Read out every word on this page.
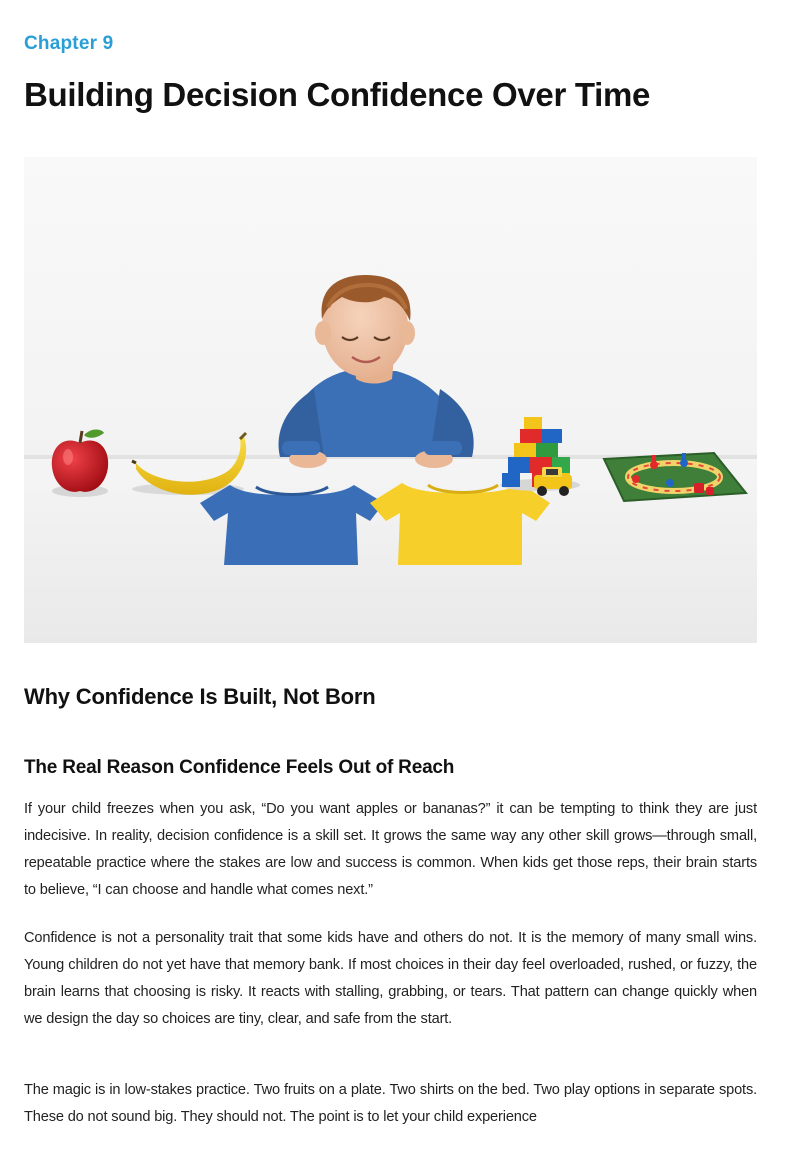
Chapter 9
Building Decision Confidence Over Time
Why Confidence Is Built, Not Born
The Real Reason Confidence Feels Out of Reach

If your child freezes when you ask, “Do you want apples or bananas?” it can be tempting to think they are just indecisive. In reality, decision confidence is a skill set. It grows the same way any other skill grows—through small, repeatable practice where the stakes are low and success is common. When kids get those reps, their brain starts to believe, “I can choose and handle what comes next.”

Confidence is not a personality trait that some kids have and others do not. It is the memory of many small wins. Young children do not yet have that memory bank. If most choices in their day feel overloaded, rushed, or fuzzy, the brain learns that choosing is risky. It reacts with stalling, grabbing, or tears. That pattern can change quickly when we design the day so choices are tiny, clear, and safe from the start.

The magic is in low-stakes practice. Two fruits on a plate. Two shirts on the bed. Two play options in separate spots. These do not sound big. They should not. The point is to let your child experience
